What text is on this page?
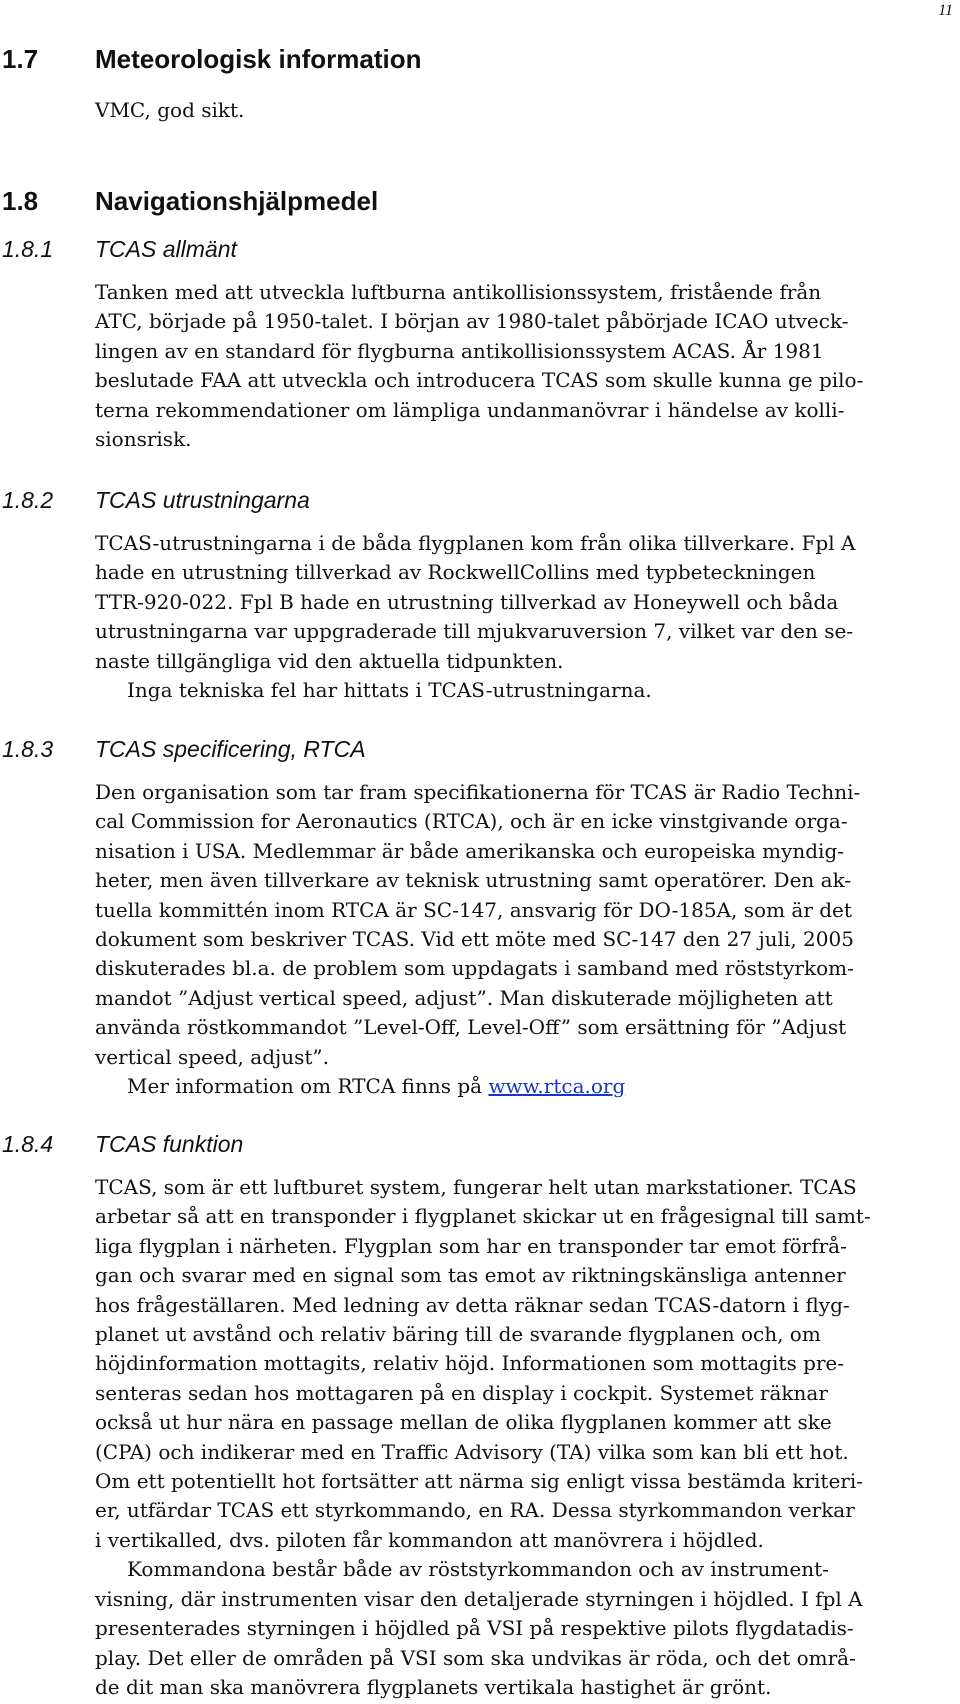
11
1.7 Meteorologisk information

VMC, god sikt.

1.8 Navigationshjälpmedel
1.8.1 TCAS allmänt

Tanken med att utveckla luftburna antikollisionssystem, fristående från
ATC, började på 1950-talet. I början av 1980-talet påbörjade ICAO utveck-
lingen av en standard för flygburna antikollisionssystem ACAS. År 1981
beslutade FAA att utveckla och introducera TCAS som skulle kunna ge pilo-
terna rekommendationer om lämpliga undanmanövrar i händelse av kolli-
sionsrisk.

1.8.2 TCAS utrustningarna

TCAS-utrustningarna i de båda flygplanen kom från olika tillverkare. Fpl A
hade en utrustning tillverkad av RockwellCollins med typbeteckningen
TTR-920-022. Fpl B hade en utrustning tillverkad av Honeywell och båda
utrustningarna var uppgraderade till mjukvaruversion 7, vilket var den se-
naste tillgängliga vid den aktuella tidpunkten.

Inga tekniska fel har hittats i TCAS-utrustningarna.

1.8.3 TCAS specificering, RTCA

Den organisation som tar fram specifikationerna för TCAS är Radio Techni-
cal Commission for Aeronautics (RTCA), och är en icke vinstgivande orga-
nisation i USA. Medlemmar är både amerikanska och europeiska myndig-
heter, men även tillverkare av teknisk utrustning samt operatörer. Den ak-
tuella kommittén inom RTCA är SC-147, ansvarig för DO-185A, som är det
dokument som beskriver TCAS. Vid ett möte med SC-147 den 27 juli, 2005
diskuterades bl.a. de problem som uppdagats i samband med röststyrkom-
mandot ”Adjust vertical speed, adjust”. Man diskuterade möjligheten att
använda röstkommandot ”Level-Off, Level-Off” som ersättning för ”Adjust
vertical speed, adjust”.

Mer information om RTCA finns på www.rtca.org

1.8.4 TCAS funktion

TCAS, som är ett luftburet system, fungerar helt utan markstationer. TCAS
arbetar så att en transponder i flygplanet skickar ut en frågesignal till samt-
liga flygplan i närheten. Flygplan som har en transponder tar emot förfrå-
gan och svarar med en signal som tas emot av riktningskänsliga antenner
hos frågeställaren. Med ledning av detta räknar sedan TCAS-datorn i flyg-
planet ut avstånd och relativ bäring till de svarande flygplanen och, om
höjdinformation mottagits, relativ höjd. Informationen som mottagits pre-
senteras sedan hos mottagaren på en display i cockpit. Systemet räknar
också ut hur nära en passage mellan de olika flygplanen kommer att ske
(CPA) och indikerar med en Traffic Advisory (TA) vilka som kan bli ett hot.
Om ett potentiellt hot fortsätter att närma sig enligt vissa bestämda kriteri-
er, utfärdar TCAS ett styrkommando, en RA. Dessa styrkommandon verkar
i vertikalled, dvs. piloten får kommandon att manövrera i höjdled.

Kommandona består både av röststyrkommandon och av instrument-

visning, där instrumenten visar den detaljerade styrningen i höjdled. I fpl A
presenterades styrningen i höjdled på VSI på respektive pilots flygdatadis-
play. Det eller de områden på VSI som ska undvikas är röda, och det områ-
de dit man ska manövrera flygplanets vertikala hastighet är grönt.
